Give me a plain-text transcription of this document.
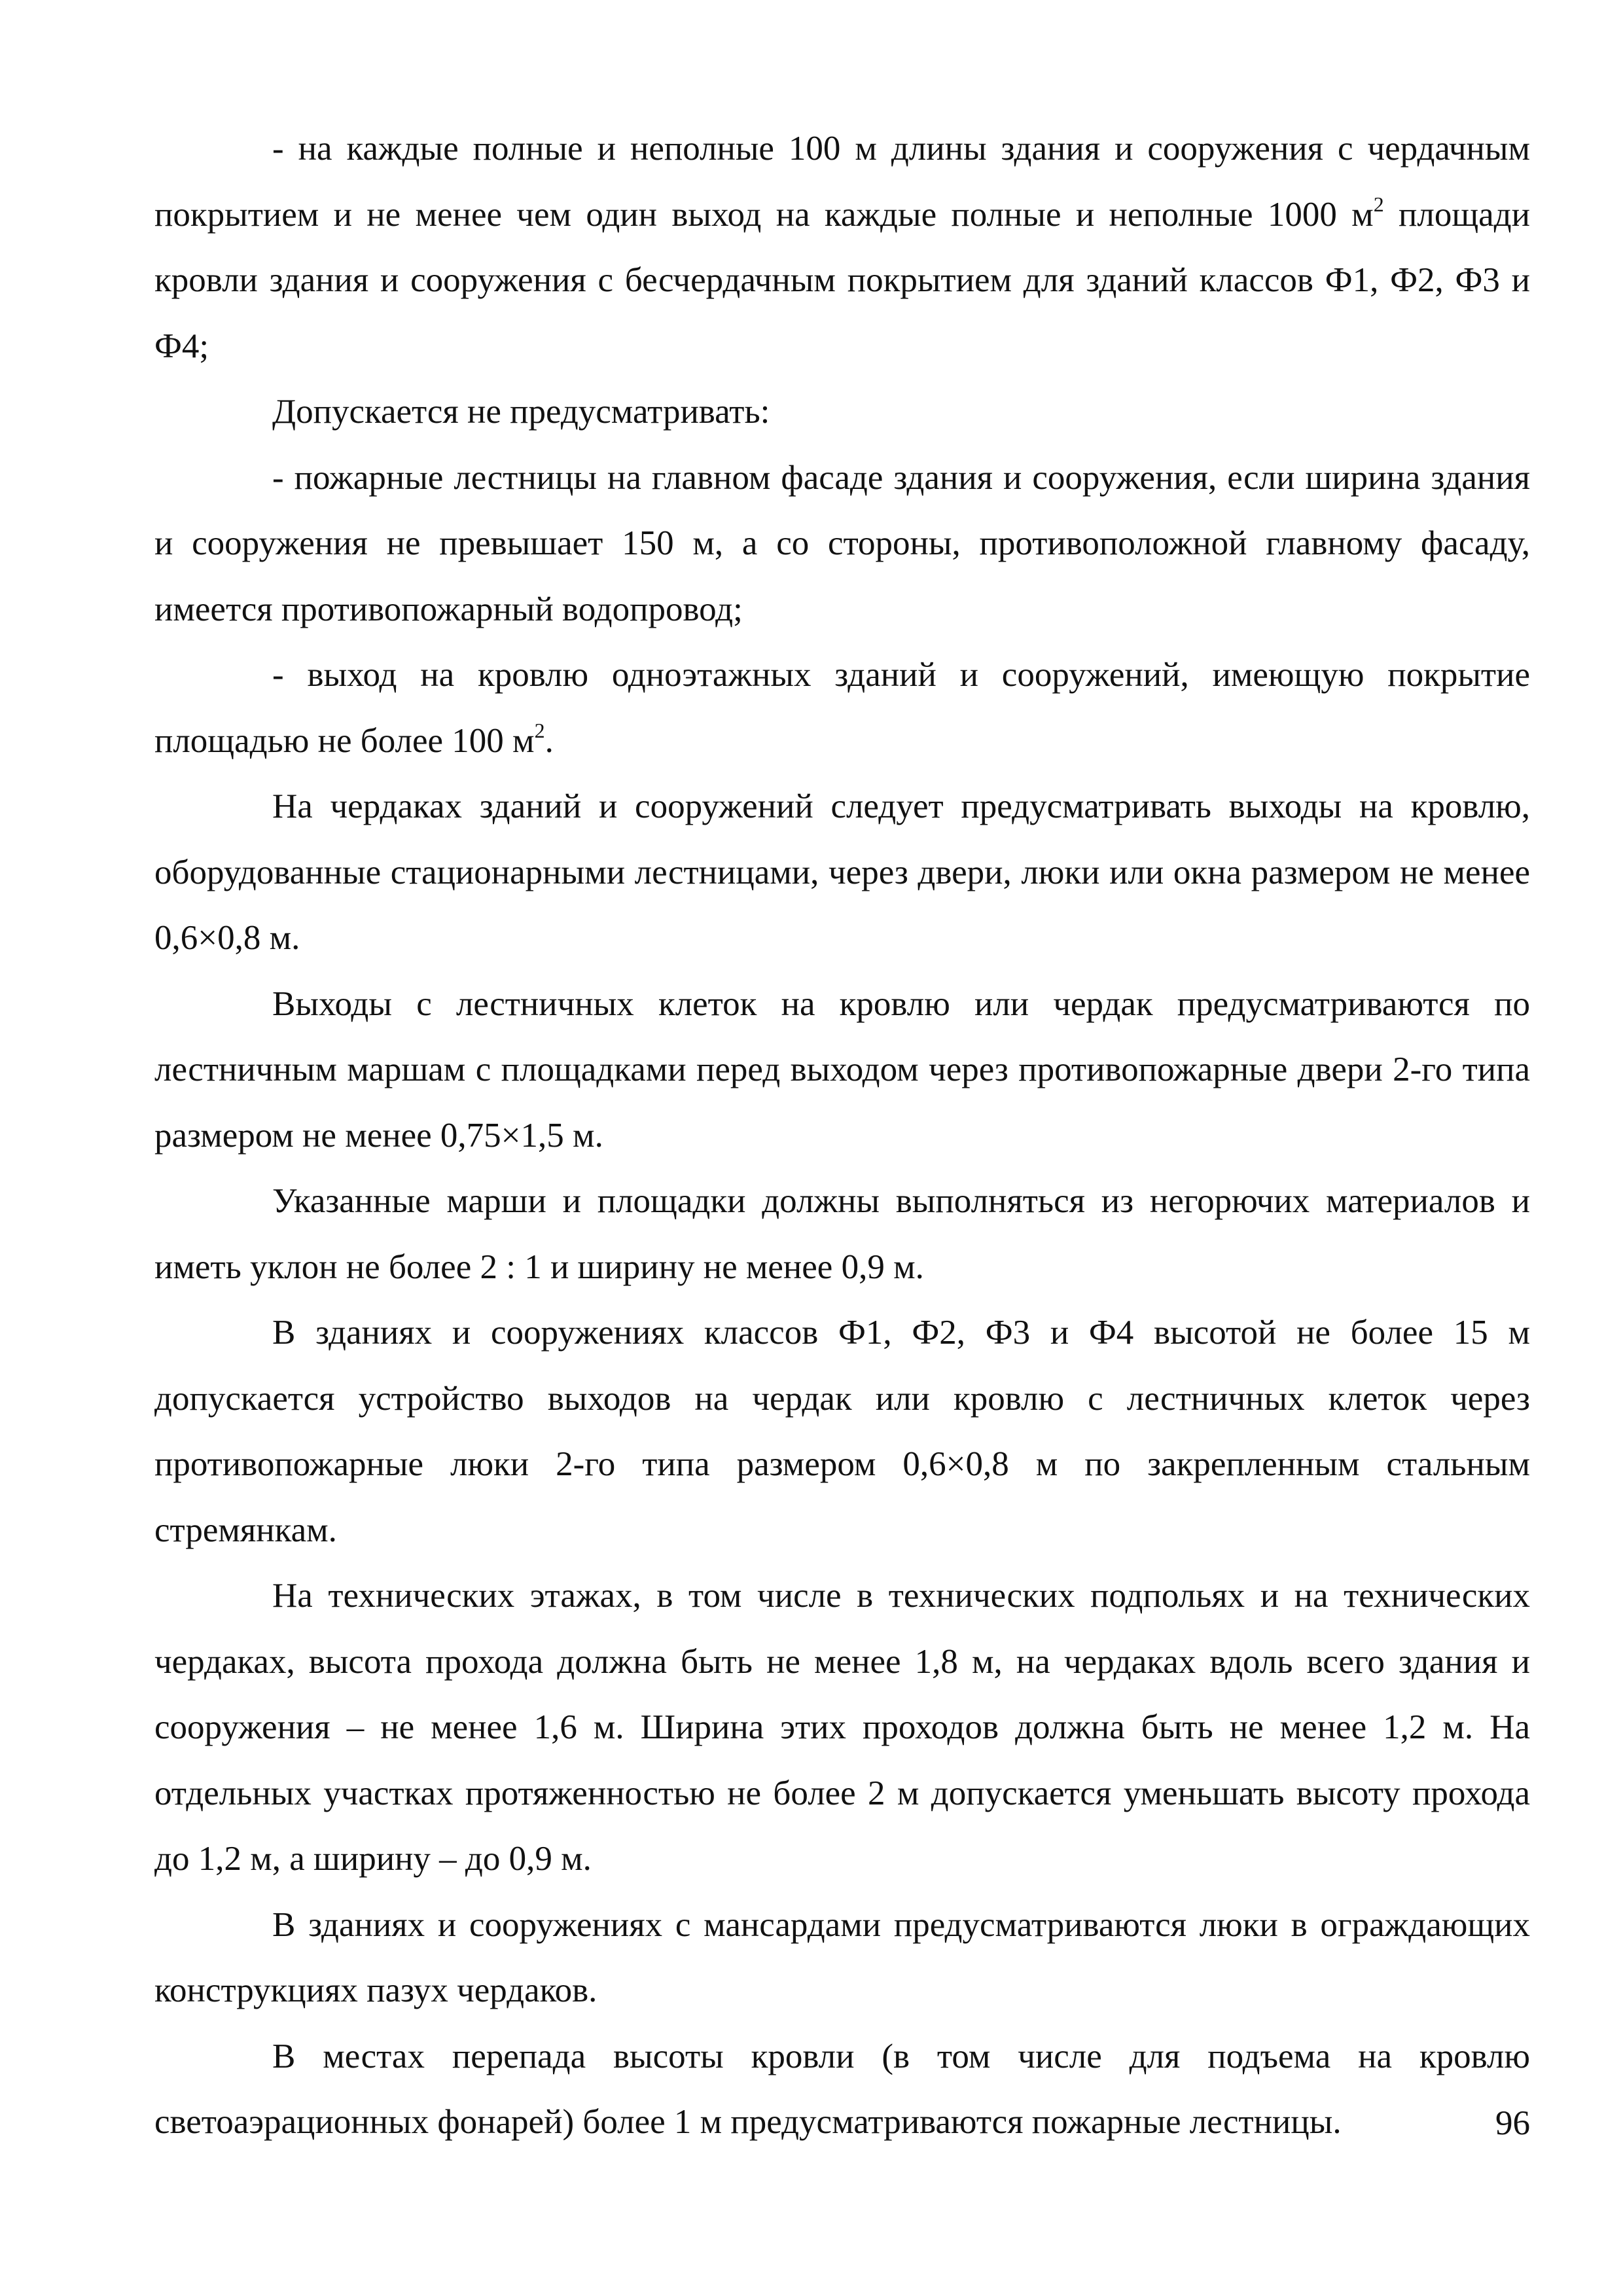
- на каждые полные и неполные 100 м длины здания и сооружения с чердачным покрытием и не менее чем один выход на каждые полные и неполные 1000 $м^2$ площади кровли здания и сооружения с бесчердачным покрытием для зданий классов Ф1, Ф2, Ф3 и Ф4;

Допускается не предусматривать:

- пожарные лестницы на главном фасаде здания и сооружения, если ширина здания и сооружения не превышает 150 м, а со стороны, противоположной главному фасаду, имеется противопожарный водопровод;

- выход на кровлю одноэтажных зданий и сооружений, имеющую покрытие площадью не более 100 $м^2$.

На чердаках зданий и сооружений следует предусматривать выходы на кровлю, оборудованные стационарными лестницами, через двери, люки или окна размером не менее 0,6×0,8 м.

Выходы с лестничных клеток на кровлю или чердак предусматриваются по лестничным маршам с площадками перед выходом через противопожарные двери 2-го типа размером не менее 0,75×1,5 м.

Указанные марши и площадки должны выполняться из негорючих материалов и иметь уклон не более 2 : 1 и ширину не менее 0,9 м.

В зданиях и сооружениях классов Ф1, Ф2, Ф3 и Ф4 высотой не более 15 м допускается устройство выходов на чердак или кровлю с лестничных клеток через противопожарные люки 2-го типа размером 0,6×0,8 м по закрепленным стальным стремянкам.

На технических этажах, в том числе в технических подпольях и на технических чердаках, высота прохода должна быть не менее 1,8 м, на чердаках вдоль всего здания и сооружения – не менее 1,6 м. Ширина этих проходов должна быть не менее 1,2 м. На отдельных участках протяженностью не более 2 м допускается уменьшать высоту прохода до 1,2 м, а ширину – до 0,9 м.

В зданиях и сооружениях с мансардами предусматриваются люки в ограждающих конструкциях пазух чердаков.

В местах перепада высоты кровли (в том числе для подъема на кровлю светоаэрационных фонарей) более 1 м предусматриваются пожарные лестницы.	96
